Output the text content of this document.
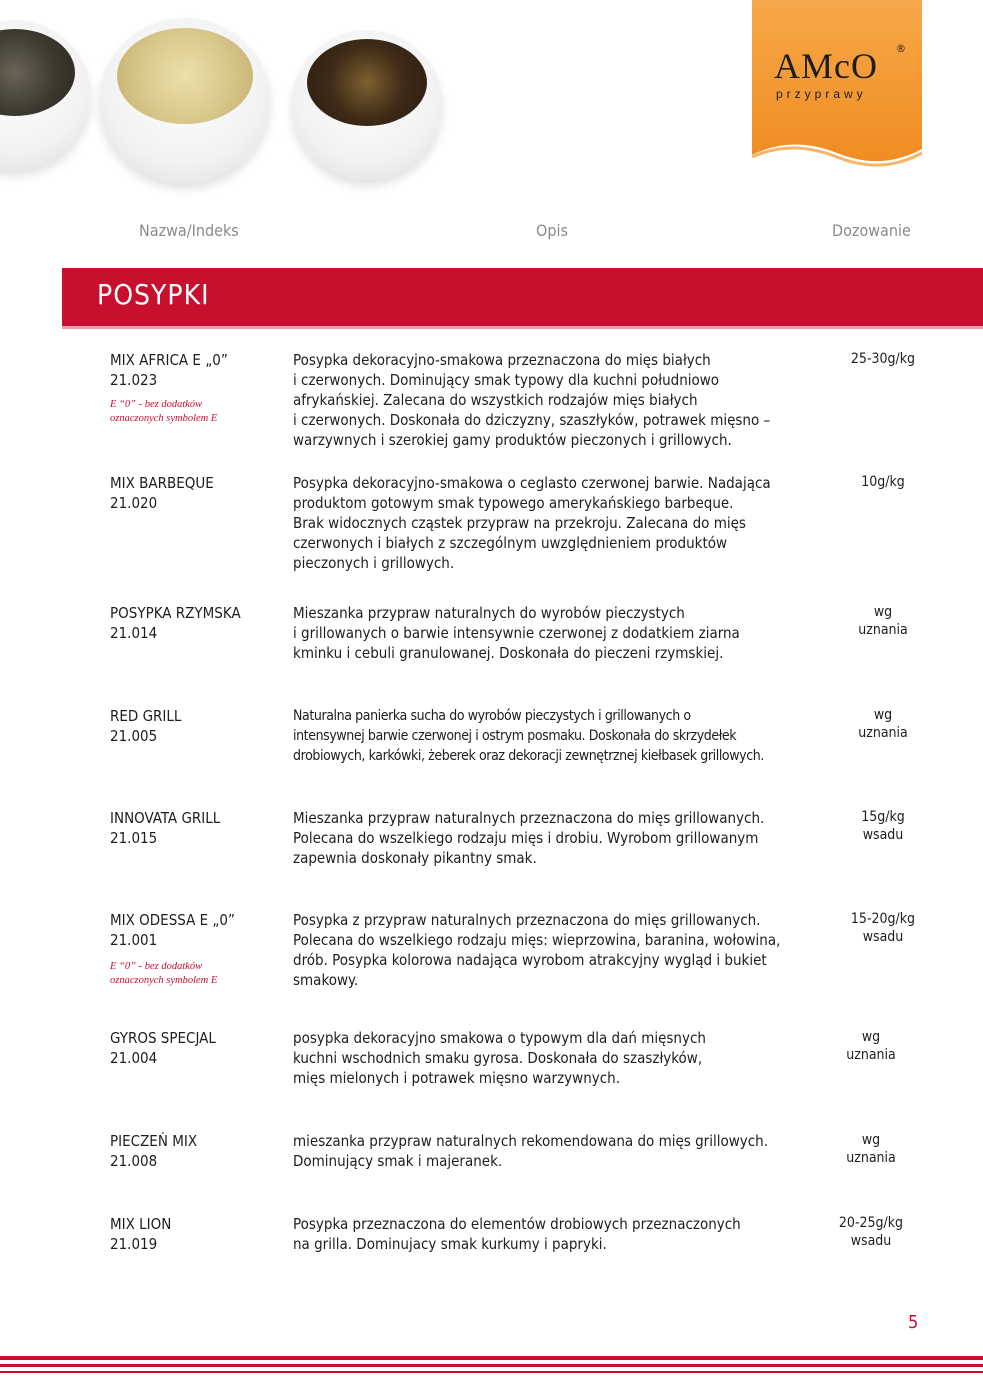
AMcO ®
przyprawy
Nazwa/Indeks	Opis	Dozowanie
POSYPKI
MIX AFRICA E „0”
21.023
E “0” - bez dodatków
oznaczonych symbolem E
Posypka dekoracyjno-smakowa przeznaczona do mięs białych
i czerwonych. Dominujący smak typowy dla kuchni południowo
afrykańskiej. Zalecana do wszystkich rodzajów mięs białych
i czerwonych. Doskonała do dziczyzny, szaszłyków, potrawek mięsno –
warzywnych i szerokiej gamy produktów pieczonych i grillowych.
25-30g/kg
MIX BARBEQUE
21.020
Posypka dekoracyjno-smakowa o ceglasto czerwonej barwie. Nadająca
produktom gotowym smak typowego amerykańskiego barbeque.
Brak widocznych cząstek przypraw na przekroju. Zalecana do mięs
czerwonych i białych z szczególnym uwzględnieniem produktów
pieczonych i grillowych.
10g/kg
POSYPKA RZYMSKA
21.014
Mieszanka przypraw naturalnych do wyrobów pieczystych
i grillowanych o barwie intensywnie czerwonej z dodatkiem ziarna
kminku i cebuli granulowanej. Doskonała do pieczeni rzymskiej.
wg
uznania
RED GRILL
21.005
Naturalna panierka sucha do wyrobów pieczystych i grillowanych o
intensywnej barwie czerwonej i ostrym posmaku. Doskonała do skrzydełek
drobiowych, karkówki, żeberek oraz dekoracji zewnętrznej kiełbasek grillowych.
wg
uznania
INNOVATA GRILL
21.015
Mieszanka przypraw naturalnych przeznaczona do mięs grillowanych.
Polecana do wszelkiego rodzaju mięs i drobiu. Wyrobom grillowanym
zapewnia doskonały pikantny smak.
15g/kg
wsadu
MIX ODESSA E „0”
21.001
E “0” - bez dodatków
oznaczonych symbolem E
Posypka z przypraw naturalnych przeznaczona do mięs grillowanych.
Polecana do wszelkiego rodzaju mięs: wieprzowina, baranina, wołowina,
drób. Posypka kolorowa nadająca wyrobom atrakcyjny wygląd i bukiet
smakowy.
15-20g/kg
wsadu
GYROS SPECJAL
21.004
posypka dekoracyjno smakowa o typowym dla dań mięsnych
kuchni wschodnich smaku gyrosa. Doskonała do szaszłyków,
mięs mielonych i potrawek mięsno warzywnych.
wg
uznania
PIECZEŃ MIX
21.008
mieszanka przypraw naturalnych rekomendowana do mięs grillowych.
Dominujący smak i majeranek.
wg
uznania
MIX LION
21.019
Posypka przeznaczona do elementów drobiowych przeznaczonych
na grilla. Dominujacy smak kurkumy i papryki.
20-25g/kg
wsadu
5
